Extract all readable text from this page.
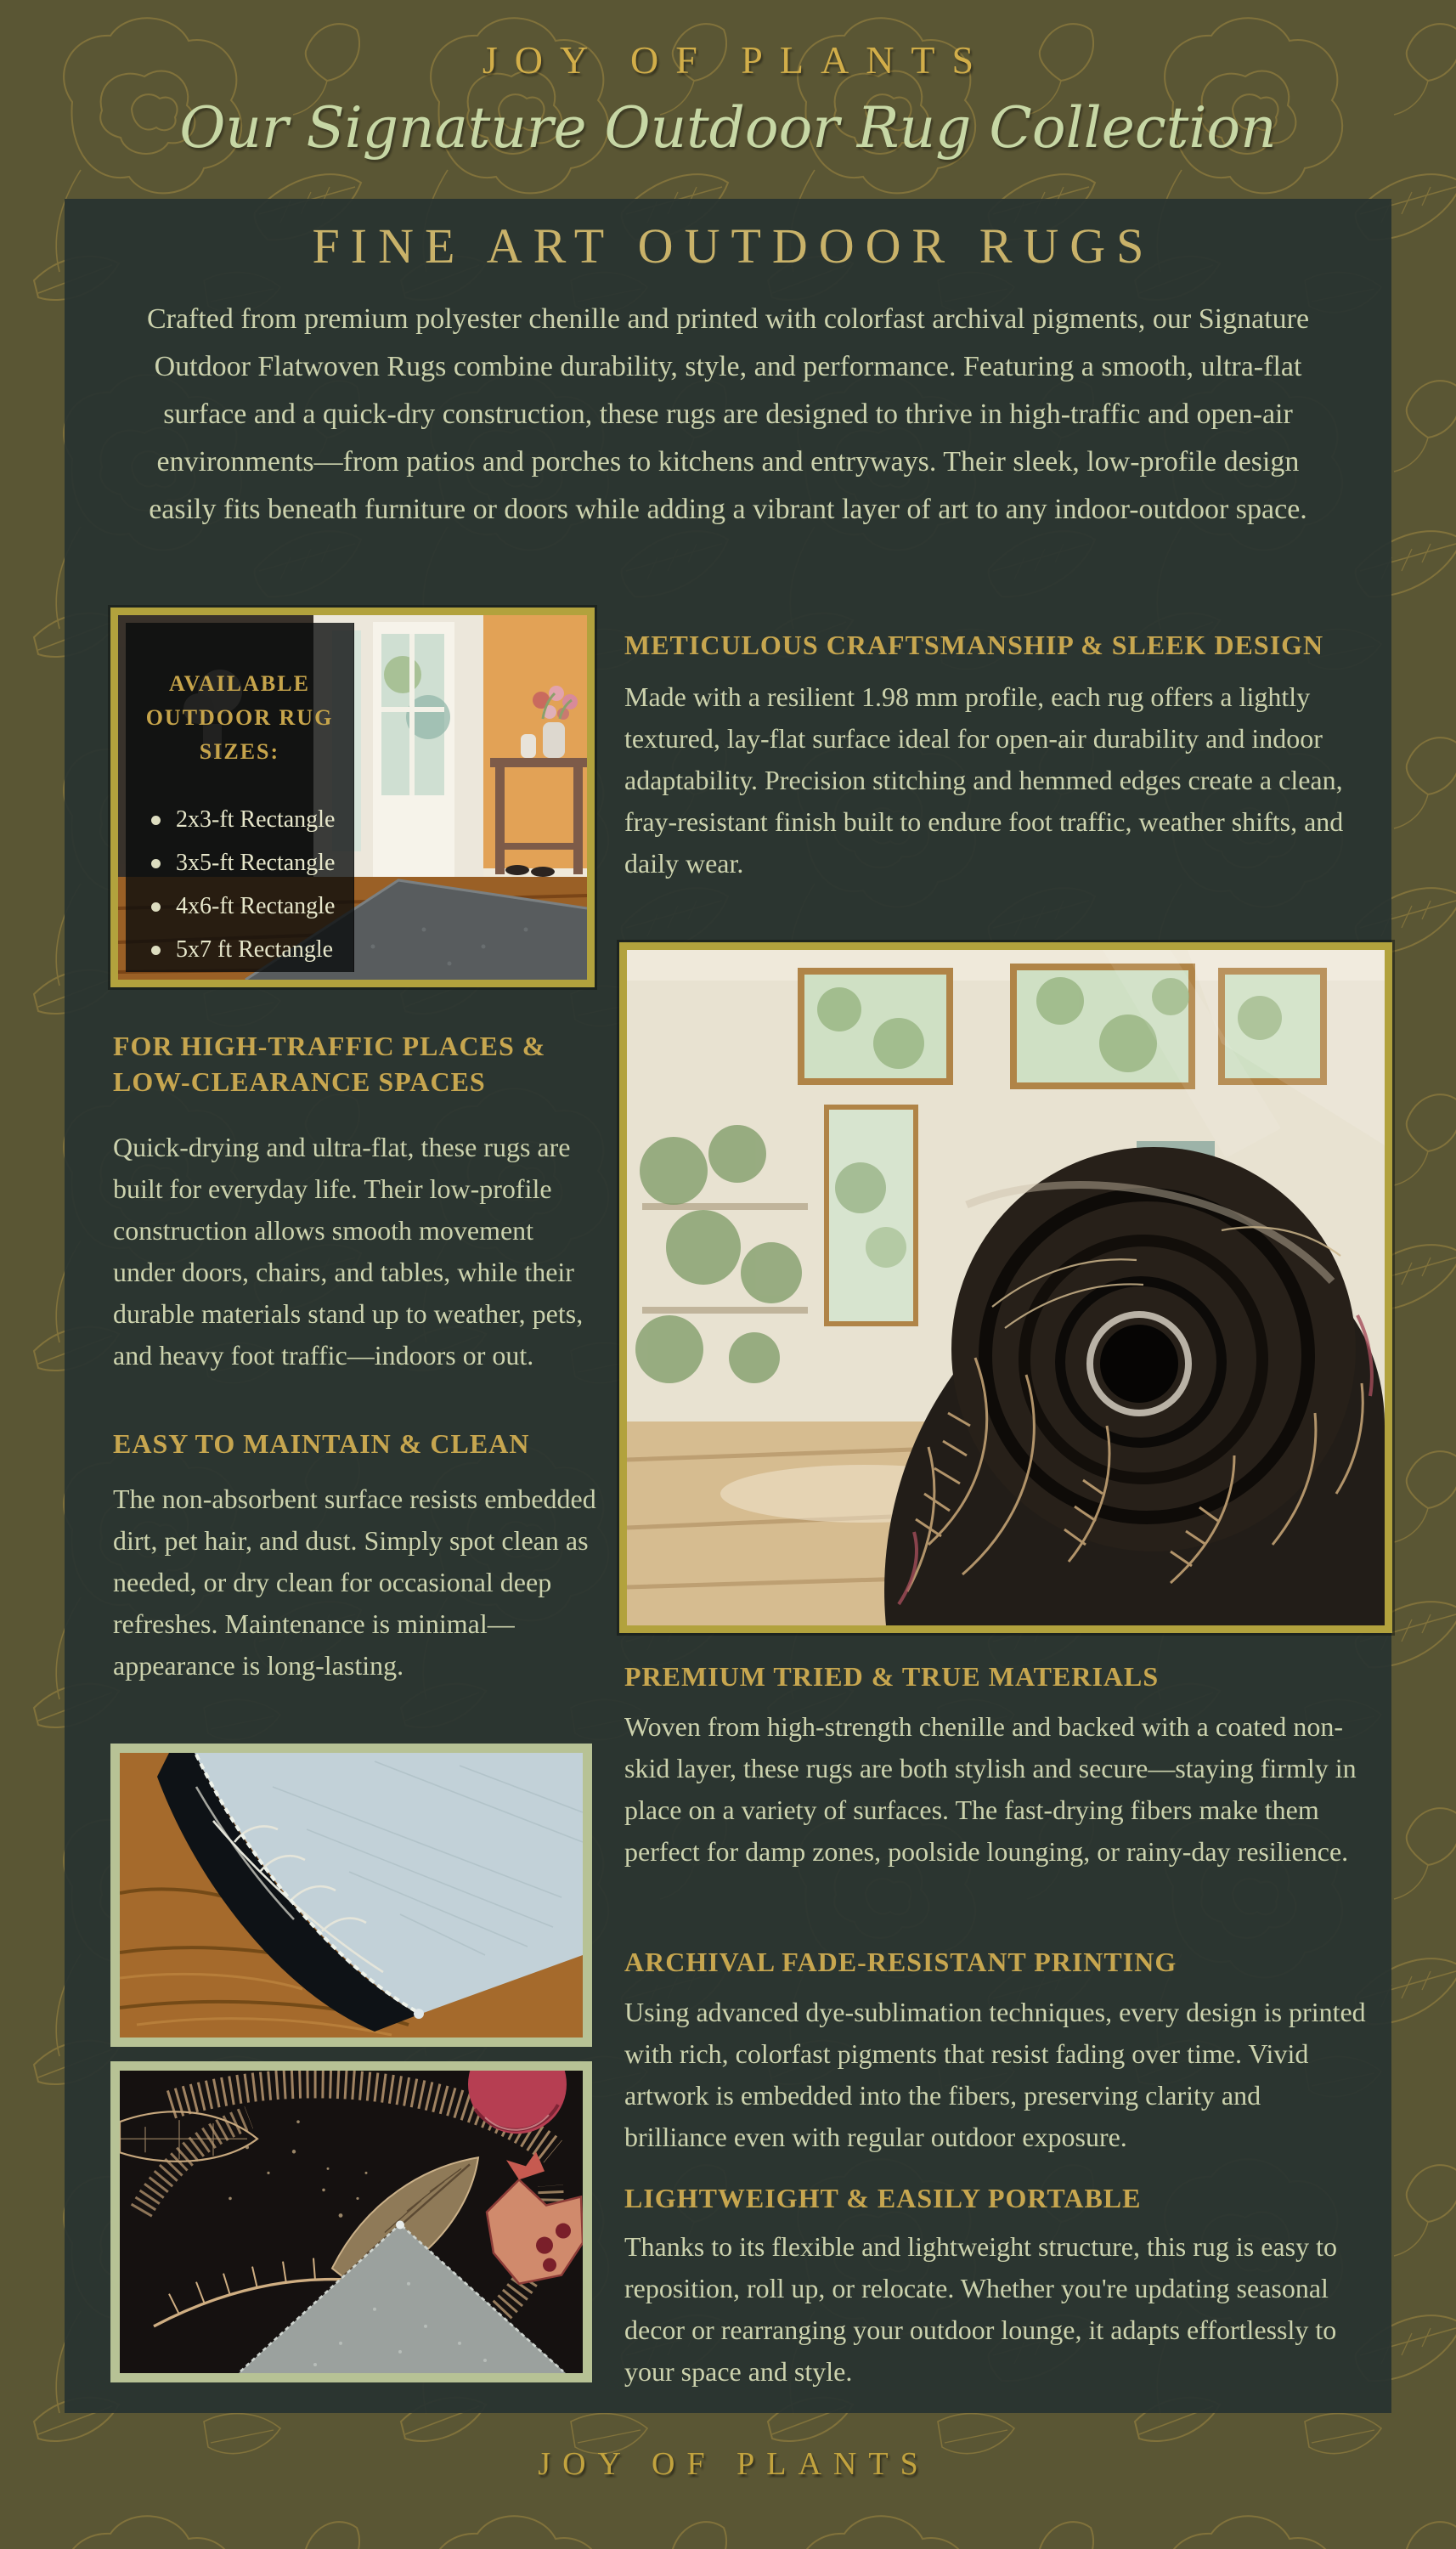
JOY OF PLANTS
Our Signature Outdoor Rug Collection
FINE ART OUTDOOR RUGS
Crafted from premium polyester chenille and printed with colorfast archival pigments, our Signature Outdoor Flatwoven Rugs combine durability, style, and performance. Featuring a smooth, ultra-flat surface and a quick-dry construction, these rugs are designed to thrive in high-traffic and open-air environments—from patios and porches to kitchens and entryways. Their sleek, low-profile design easily fits beneath furniture or doors while adding a vibrant layer of art to any indoor-outdoor space.
AVAILABLE OUTDOOR RUG SIZES:
2x3-ft Rectangle
3x5-ft Rectangle
4x6-ft Rectangle
5x7 ft Rectangle
METICULOUS CRAFTSMANSHIP & SLEEK DESIGN
Made with a resilient 1.98 mm profile, each rug offers a lightly textured, lay-flat surface ideal for open-air durability and indoor adaptability. Precision stitching and hemmed edges create a clean, fray-resistant finish built to endure foot traffic, weather shifts, and daily wear.
FOR HIGH-TRAFFIC PLACES & LOW-CLEARANCE SPACES
Quick-drying and ultra-flat, these rugs are built for everyday life. Their low-profile construction allows smooth movement under doors, chairs, and tables, while their durable materials stand up to weather, pets, and heavy foot traffic—indoors or out.
EASY TO MAINTAIN & CLEAN
The non-absorbent surface resists embedded dirt, pet hair, and dust. Simply spot clean as needed, or dry clean for occasional deep refreshes. Maintenance is minimal—appearance is long-lasting.	PREMIUM TRIED & TRUE MATERIALS
Woven from high-strength chenille and backed with a coated non-skid layer, these rugs are both stylish and secure—staying firmly in place on a variety of surfaces. The fast-drying fibers make them perfect for damp zones, poolside lounging, or rainy-day resilience.
ARCHIVAL FADE-RESISTANT PRINTING
Using advanced dye-sublimation techniques, every design is printed with rich, colorfast pigments that resist fading over time. Vivid artwork is embedded into the fibers, preserving clarity and brilliance even with regular outdoor exposure.
LIGHTWEIGHT & EASILY PORTABLE
Thanks to its flexible and lightweight structure, this rug is easy to reposition, roll up, or relocate. Whether you're updating seasonal decor or rearranging your outdoor lounge, it adapts effortlessly to your space and style.
JOY OF PLANTS
